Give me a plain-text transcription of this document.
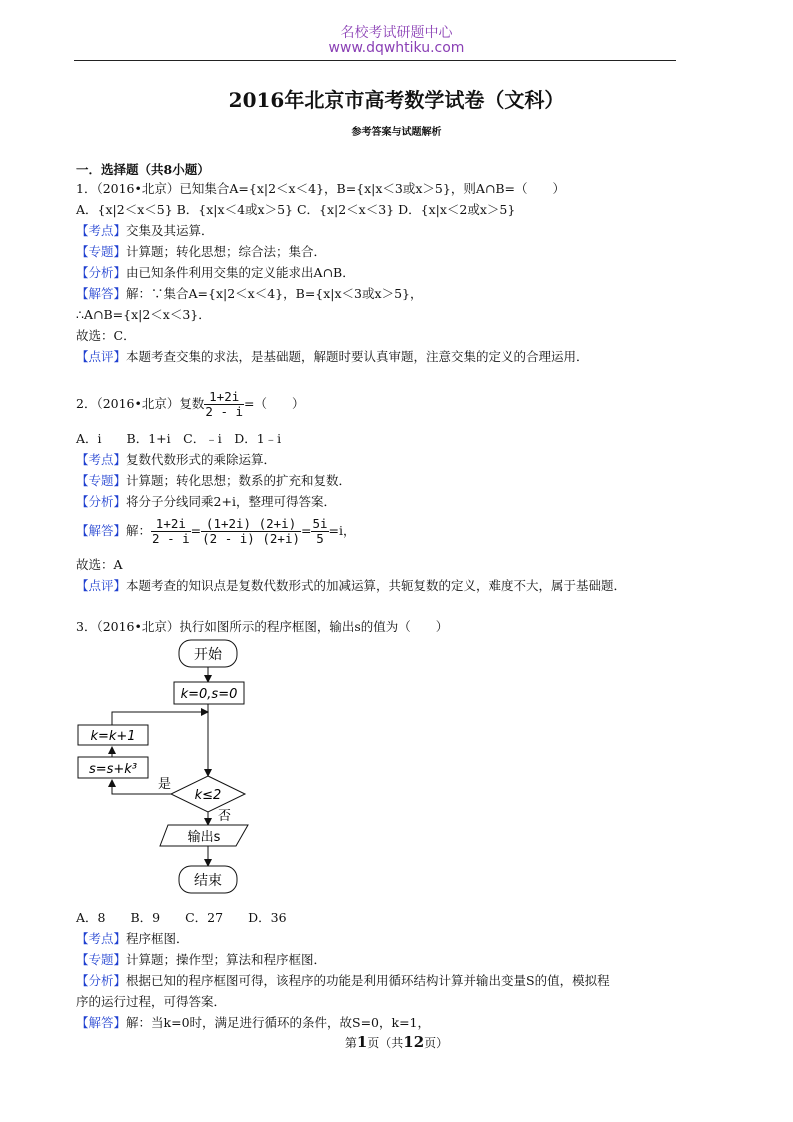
名校考试研题中心
www.dqwhtiku.com
2016年北京市高考数学试卷（文科）
参考答案与试题解析
一．选择题（共8小题）
1．（2016•北京）已知集合A={x|2＜x＜4}，B={x|x＜3或x＞5}，则A∩B=（　　）
A．{x|2＜x＜5} B．{x|x＜4或x＞5} C．{x|2＜x＜3} D．{x|x＜2或x＞5}
【考点】交集及其运算．
【专题】计算题；转化思想；综合法；集合．
【分析】由已知条件利用交集的定义能求出A∩B．
【解答】解：∵集合A={x|2＜x＜4}，B={x|x＜3或x＞5}，
∴A∩B={x|2＜x＜3}．
故选：C．
【点评】本题考查交集的求法，是基础题，解题时要认真审题，注意交集的定义的合理运用．
2．（2016•北京）复数 $\frac{1+2i}{2 - i}$ =（　　）
A．i　　B．1+i　C．﹣i　D．1﹣i
【考点】复数代数形式的乘除运算．
【专题】计算题；转化思想；数系的扩充和复数．
【分析】将分子分线同乘2+i，整理可得答案．
【解答】解： $\frac{1+2i}{2 - i} = \frac{(1+2i) (2+i)}{(2 - i) (2+i)} = \frac{5i}{5} =i$，
故选：A
【点评】本题考查的知识点是复数代数形式的加减运算，共轭复数的定义，难度不大，属于基础题．
3．（2016•北京）执行如图所示的程序框图，输出s的值为（　　）
开始
k=0,s=0
k=k+1
s=s+k³
是
k≤2
否
输出s
结束
A．8　　B．9　　C．27　　D．36
【考点】程序框图．
【专题】计算题；操作型；算法和程序框图．
【分析】根据已知的程序框图可得，该程序的功能是利用循环结构计算并输出变量S的值，模拟程
序的运行过程，可得答案．
【解答】解：当k=0时，满足进行循环的条件，故S=0，k=1，
第1页（共12页）
